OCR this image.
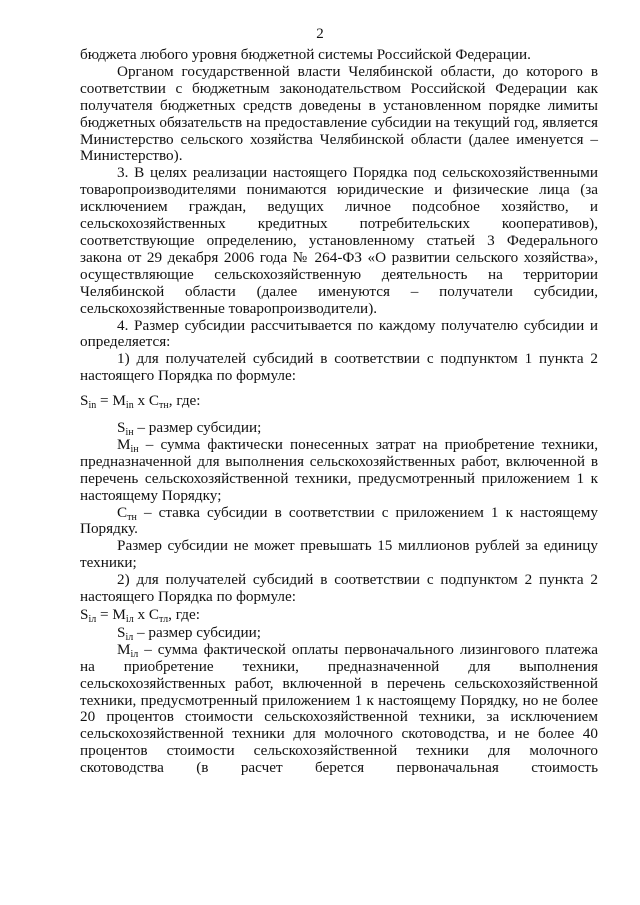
2

бюджета любого уровня бюджетной системы Российской Федерации.

Органом государственной власти Челябинской области, до которого в соответствии с бюджетным законодательством Российской Федерации как получателя бюджетных средств доведены в установленном порядке лимиты бюджетных обязательств на предоставление субсидии на текущий год, является Министерство сельского хозяйства Челябинской области (далее именуется – Министерство).

3. В целях реализации настоящего Порядка под сельскохозяйственными товаропроизводителями понимаются юридические и физические лица (за исключением граждан, ведущих личное подсобное хозяйство, и сельскохозяйственных кредитных потребительских кооперативов), соответствующие определению, установленному статьей 3 Федерального закона от 29 декабря 2006 года № 264-ФЗ «О развитии сельского хозяйства», осуществляющие сельскохозяйственную деятельность на территории Челябинской области (далее именуются – получатели субсидии, сельскохозяйственные товаропроизводители).

4. Размер субсидии рассчитывается по каждому получателю субсидии и определяется:

1) для получателей субсидий в соответствии с подпунктом 1 пункта 2 настоящего Порядка по формуле:

$S_{in} = M_{in}$ x $C_{тн}$, где:

$S_{iн}$ – размер субсидии;

$M_{iн}$ – сумма фактически понесенных затрат на приобретение техники, предназначенной для выполнения сельскохозяйственных работ, включенной в перечень сельскохозяйственной техники, предусмотренный приложением 1 к настоящему Порядку;

$C_{тн}$ – ставка субсидии в соответствии с приложением 1 к настоящему Порядку.

Размер субсидии не может превышать 15 миллионов рублей за единицу техники;

2) для получателей субсидий в соответствии с подпунктом 2 пункта 2 настоящего Порядка по формуле:

$S_{iл} = M_{iл}$ x $C_{тл}$, где:

$S_{iл}$ – размер субсидии;

$M_{iл}$ – сумма фактической оплаты первоначального лизингового платежа на приобретение техники, предназначенной для выполнения сельскохозяйственных работ, включенной в перечень сельскохозяйственной техники, предусмотренный приложением 1 к настоящему Порядку, но не более 20 процентов стоимости сельскохозяйственной техники, за исключением сельскохозяйственной техники для молочного скотоводства, и не более 40 процентов стоимости сельскохозяйственной техники для молочного скотоводства (в расчет берется первоначальная стоимость
